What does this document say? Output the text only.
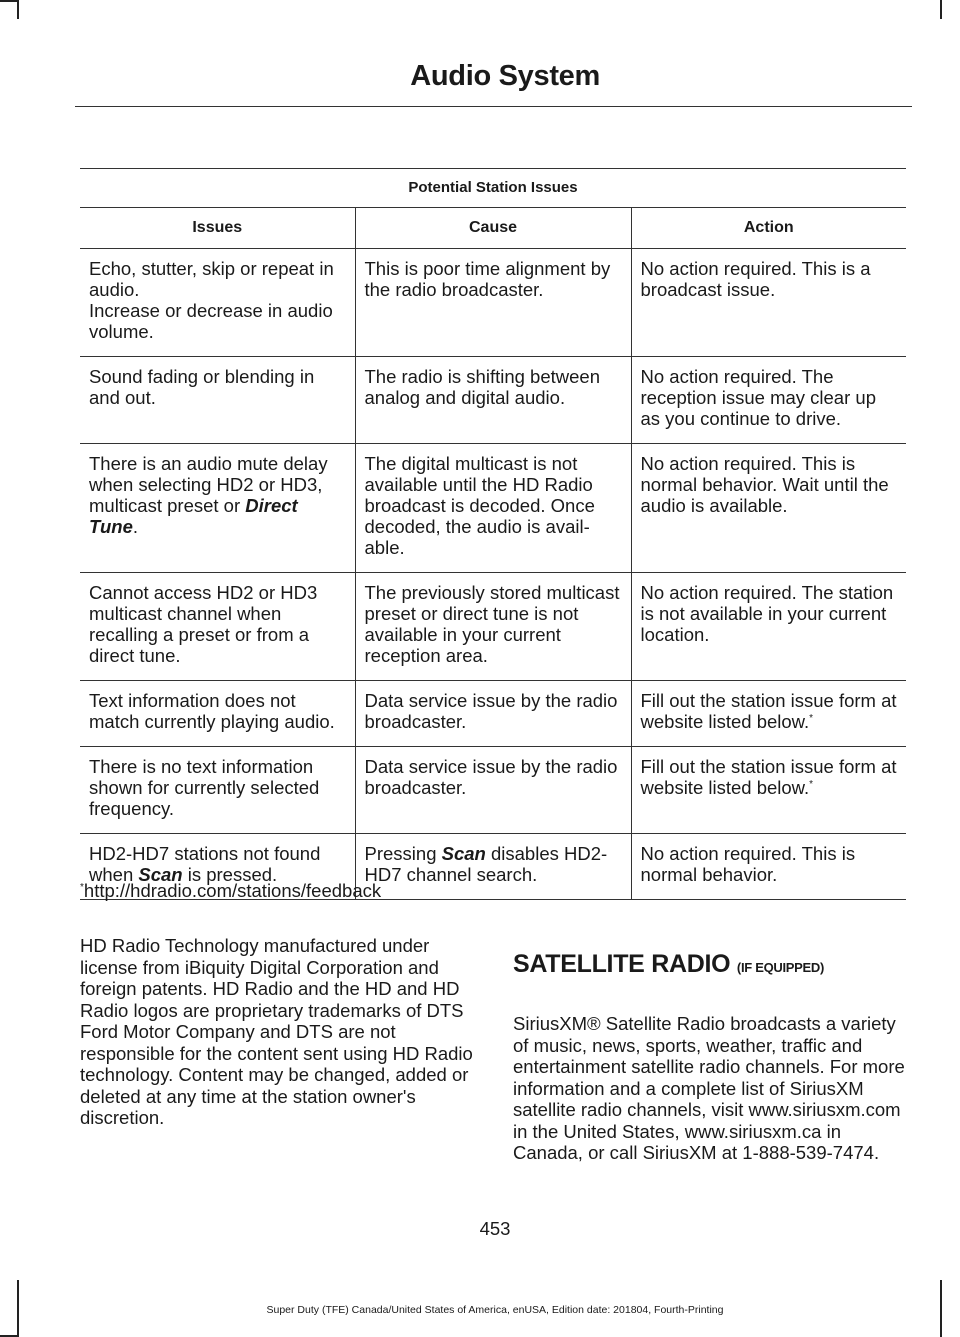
Audio System
Potential Station Issues		
Issues	Cause	Action

Echo, stutter, skip or repeat in audio.
Increase or decrease in audio volume.	This is poor time alignment by the radio broadcaster.	No action required. This is a broadcast issue.
Sound fading or blending in and out.	The radio is shifting between analog and digital audio.	No action required. The reception issue may clear up as you continue to drive.
There is an audio mute delay when selecting HD2 or HD3, multicast preset or Direct Tune.	The digital multicast is not available until the HD Radio broadcast is decoded. Once decoded, the audio is avail-able.	No action required. This is normal behavior. Wait until the audio is available.
Cannot access HD2 or HD3 multicast channel when recalling a preset or from a direct tune.	The previously stored multicast preset or direct tune is not available in your current reception area.	No action required. The station is not available in your current location.
Text information does not match currently playing audio.	Data service issue by the radio broadcaster.	Fill out the station issue form at website listed below.*
There is no text information shown for currently selected frequency.	Data service issue by the radio broadcaster.	Fill out the station issue form at website listed below.*
HD2-HD7 stations not found when Scan is pressed.	Pressing Scan disables HD2-HD7 channel search.	No action required. This is normal behavior.
*http://hdradio.com/stations/feedback
HD Radio Technology manufactured under license from iBiquity Digital Corporation and foreign patents. HD Radio and the HD and HD Radio logos are proprietary trademarks of DTS Ford Motor Company and DTS are not responsible for the content sent using HD Radio technology. Content may be changed, added or deleted at any time at the station owner's discretion.
SATELLITE RADIO (IF EQUIPPED)
SiriusXM® Satellite Radio broadcasts a variety of music, news, sports, weather, traffic and entertainment satellite radio channels. For more information and a complete list of SiriusXM satellite radio channels, visit www.siriusxm.com in the United States, www.siriusxm.ca in Canada, or call SiriusXM at 1-888-539-7474.
453
Super Duty (TFE) Canada/United States of America, enUSA, Edition date: 201804, Fourth-Printing
